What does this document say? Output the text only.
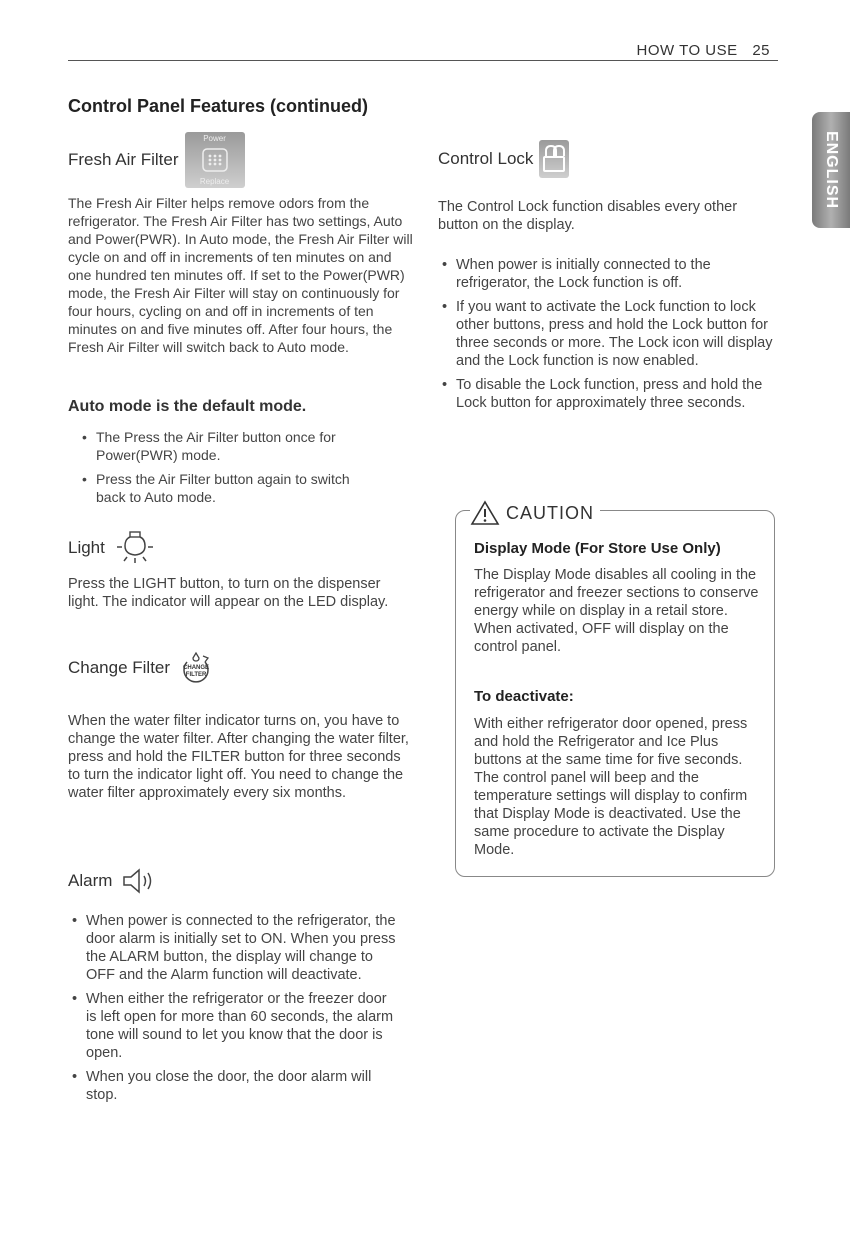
HOW TO USE 25
ENGLISH
Control Panel Features (continued)
Fresh Air Filter
Power
Replace
The Fresh Air Filter helps remove odors from the refrigerator. The Fresh Air Filter has two settings, Auto and Power(PWR). In Auto mode, the Fresh Air Filter will cycle on and off in increments of ten minutes on and one hundred ten minutes off. If set to the Power(PWR) mode, the Fresh Air Filter will stay on continuously for four hours, cycling on and off in increments of ten minutes on and five minutes off. After four hours, the Fresh Air Filter will switch back to Auto mode.
Auto mode is the default mode.
• The Press the Air Filter button once for Power(PWR) mode.
• Press the Air Filter button again to switch back to Auto mode.
Light
Press the LIGHT button, to turn on the dispenser light. The indicator will appear on the LED display.
Change Filter	CHANGE
FILTER
When the water filter indicator turns on, you have to change the water filter. After changing the water filter, press and hold the FILTER button for three seconds to turn the indicator light off. You need to change the water filter approximately every six months.
Alarm
• When power is connected to the refrigerator, the door alarm is initially set to ON. When you press the ALARM button, the display will change to OFF and the Alarm function will deactivate.
• When either the refrigerator or the freezer door is left open for more than 60 seconds, the alarm tone will sound to let you know that the door is open.
• When you close the door, the door alarm will stop.
Control Lock
The Control Lock function disables every other button on the display.
• When power is initially connected to the refrigerator, the Lock function is off.
• If you want to activate the Lock function to lock other buttons, press and hold the Lock button for three seconds or more. The Lock icon will display and the Lock function is now enabled.
• To disable the Lock function, press and hold the Lock button for approximately three seconds.
CAUTION
Display Mode (For Store Use Only)
The Display Mode disables all cooling in the refrigerator and freezer sections to conserve energy while on display in a retail store. When activated, OFF will display on the control panel.
To deactivate:
With either refrigerator door opened, press and hold the Refrigerator and Ice Plus buttons at the same time for five seconds. The control panel will beep and the temperature settings will display to confirm that Display Mode is deactivated. Use the same procedure to activate the Display Mode.
